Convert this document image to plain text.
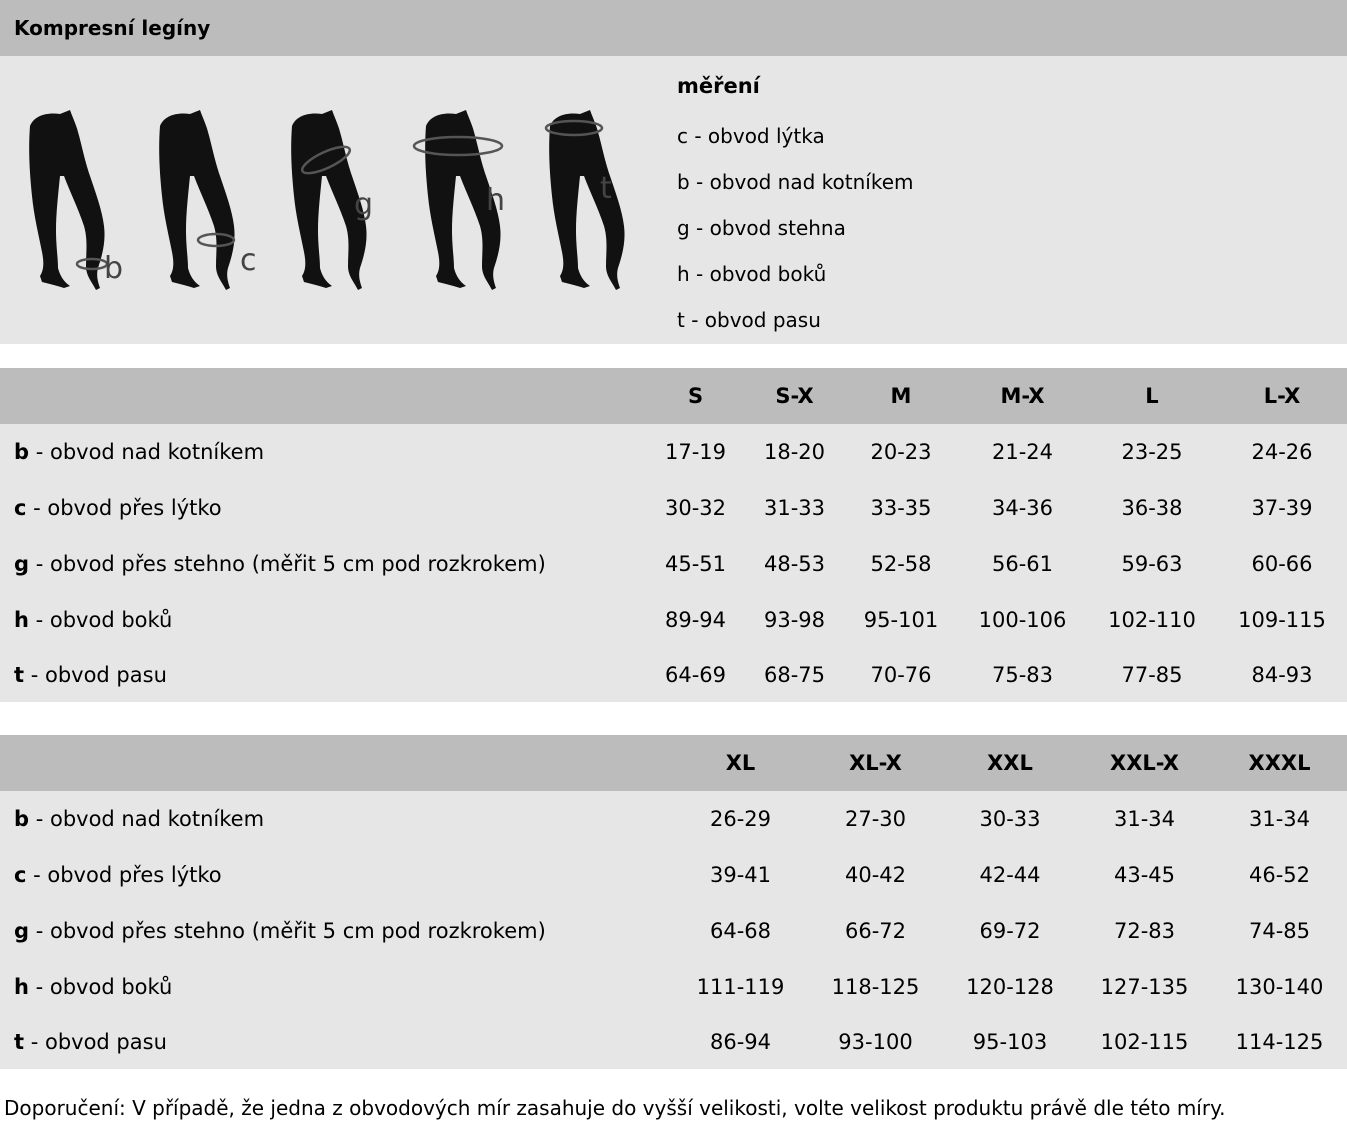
Kompresní legíny
b	c
g	h	t
měření
c - obvod lýtka
b - obvod nad kotníkem
g - obvod stehna
h - obvod boků
t - obvod pasu
	S	S-X	M	M-X	L	L-X
b - obvod nad kotníkem	17-19	18-20	20-23	21-24	23-25	24-26
c - obvod přes lýtko	30-32	31-33	33-35	34-36	36-38	37-39
g - obvod přes stehno (měřit 5 cm pod rozkrokem)	45-51	48-53	52-58	56-61	59-63	60-66
h - obvod boků	89-94	93-98	95-101	100-106	102-110	109-115
t - obvod pasu	64-69	68-75	70-76	75-83	77-85	84-93
	XL	XL-X	XXL	XXL-X	XXXL
b - obvod nad kotníkem	26-29	27-30	30-33	31-34	31-34
c - obvod přes lýtko	39-41	40-42	42-44	43-45	46-52
g - obvod přes stehno (měřit 5 cm pod rozkrokem)	64-68	66-72	69-72	72-83	74-85
h - obvod boků	111-119	118-125	120-128	127-135	130-140
t - obvod pasu	86-94	93-100	95-103	102-115	114-125
Doporučení: V případě, že jedna z obvodových mír zasahuje do vyšší velikosti, volte velikost produktu právě dle této míry.
